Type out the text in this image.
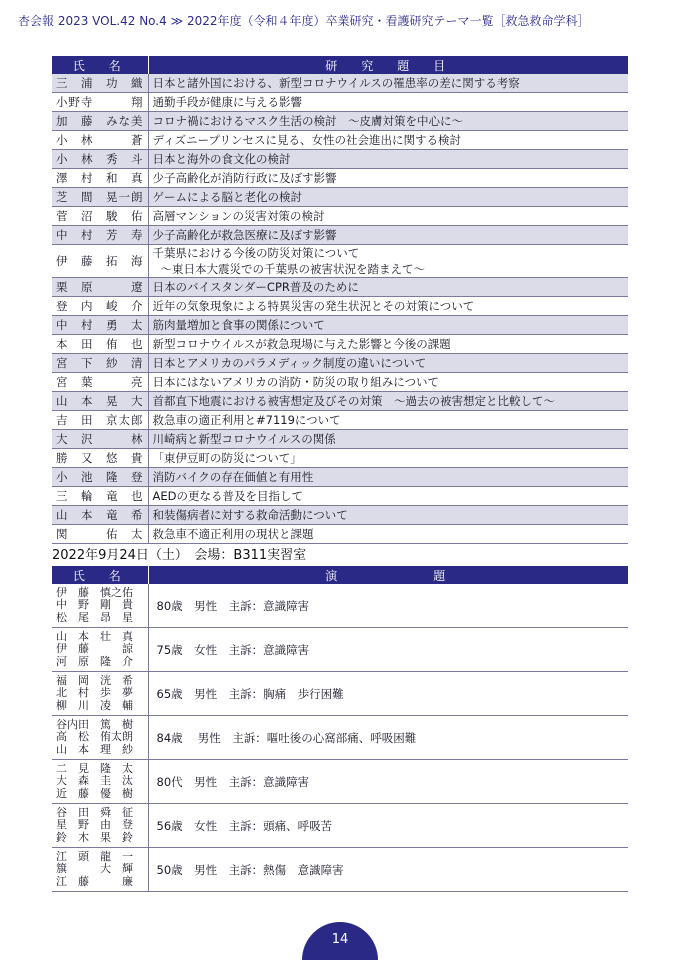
杏会報 2023 VOL.42 No.4 ≫ 2022年度（令和４年度）卒業研究・看護研究テーマ一覧［救急救命学科］
氏　名	研　究　題　目
三　浦　功　織	日本と諸外国における、新型コロナウイルスの罹患率の差に関する考察

小野寺　　　翔	通勤手段が健康に与える影響

加　藤　みな美	コロナ禍におけるマスク生活の検討　～皮膚対策を中心に～

小　林　　　蒼	ディズニープリンセスに見る、女性の社会進出に関する検討

小　林　秀　斗	日本と海外の食文化の検討

澤　村　和　真	少子高齢化が消防行政に及ぼす影響

芝　間　晃一朗	ゲームによる脳と老化の検討

菅　沼　駿　佑	高層マンションの災害対策の検討

中　村　芳　寿	少子高齢化が救急医療に及ぼす影響

伊　藤　拓　海	千葉県における今後の防災対策について
～東日本大震災での千葉県の被害状況を踏まえて～

栗　原　　　遼	日本のバイスタンダーCPR普及のために

登　内　峻　介	近年の気象現象による特異災害の発生状況とその対策について

中　村　勇　太	筋肉量増加と食事の関係について

本　田　侑　也	新型コロナウイルスが救急現場に与えた影響と今後の課題

宮　下　紗　清	日本とアメリカのパラメディック制度の違いについて

宮　葉　　　亮	日本にはないアメリカの消防・防災の取り組みについて

山　本　晃　大	首都直下地震における被害想定及びその対策　～過去の被害想定と比較して～

吉　田　京太郎	救急車の適正利用と#7119について

大　沢　　　林	川崎病と新型コロナウイルスの関係

勝　又　悠　貴	「東伊豆町の防災について」

小　池　隆　登	消防バイクの存在価値と有用性

三　輪　竜　也	AEDの更なる普及を目指して

山　本　竜　希	和装傷病者に対する救命活動について

関　　　佑　太	救急車不適正利用の現状と課題
2022年9月24日（土）　会場：B311実習室
氏　名	演　　　　　題

伊　藤　慎之佑
中　野　剛　貴
松　尾　昂　星	80歳　男性　主訴：意識障害

山　本　壮　真
伊　藤　　　諒
河　原　隆　介	75歳　女性　主訴：意識障害

福　岡　洸　希
北　村　歩　夢
柳　川　凌　輔	65歳　男性　主訴：胸痛　歩行困難

谷内田　篤　樹
高　松　侑太朗
山　本　理　紗	84歳　 男性　主訴：嘔吐後の心窩部痛、呼吸困難

二　見　隆　太
大　森　圭　汰
近　藤　優　樹	80代　男性　主訴：意識障害

谷　田　舜　征
星　野　由　登
鈴　木　果　鈴	56歳　女性　主訴：頭痛、呼吸苦

江　頭　龍　一
簱　　　大　輝
江　藤　　　廉	50歳　男性　主訴：熱傷　意識障害
14
